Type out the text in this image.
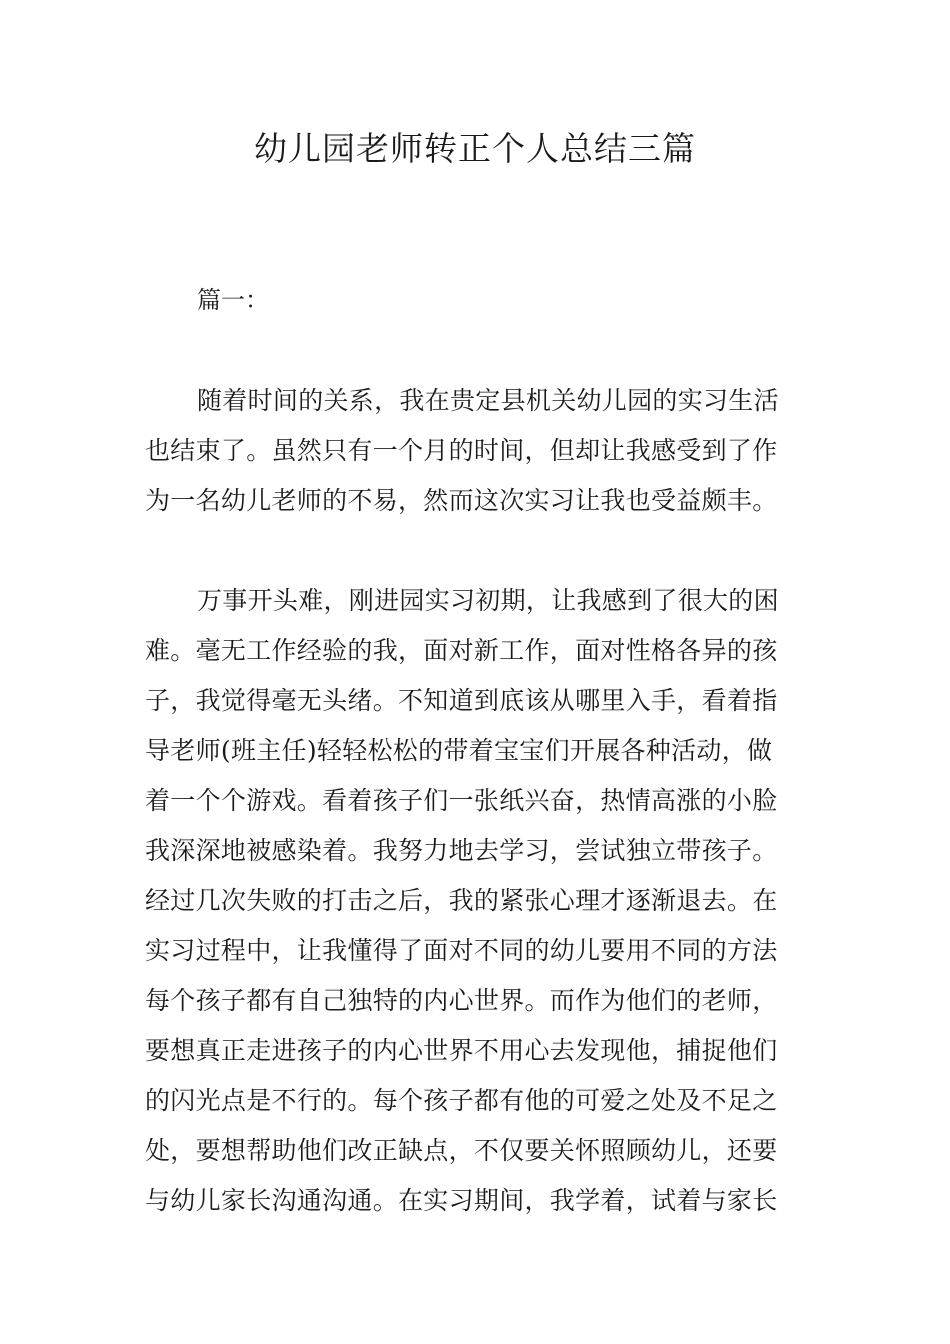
幼儿园老师转正个人总结三篇

篇一：

随着时间的关系，我在贵定县机关幼儿园的实习生活
也结束了。虽然只有一个月的时间，但却让我感受到了作
为一名幼儿老师的不易，然而这次实习让我也受益颇丰。
万事开头难，刚进园实习初期，让我感到了很大的困
难。毫无工作经验的我，面对新工作，面对性格各异的孩
子，我觉得毫无头绪。不知道到底该从哪里入手，看着指
导老师(班主任)轻轻松松的带着宝宝们开展各种活动，做
着一个个游戏。看着孩子们一张纸兴奋，热情高涨的小脸
我深深地被感染着。我努力地去学习，尝试独立带孩子。
经过几次失败的打击之后，我的紧张心理才逐渐退去。在
实习过程中，让我懂得了面对不同的幼儿要用不同的方法
每个孩子都有自己独特的内心世界。而作为他们的老师，
要想真正走进孩子的内心世界不用心去发现他，捕捉他们
的闪光点是不行的。每个孩子都有他的可爱之处及不足之
处，要想帮助他们改正缺点，不仅要关怀照顾幼儿，还要
与幼儿家长沟通沟通。在实习期间，我学着，试着与家长
